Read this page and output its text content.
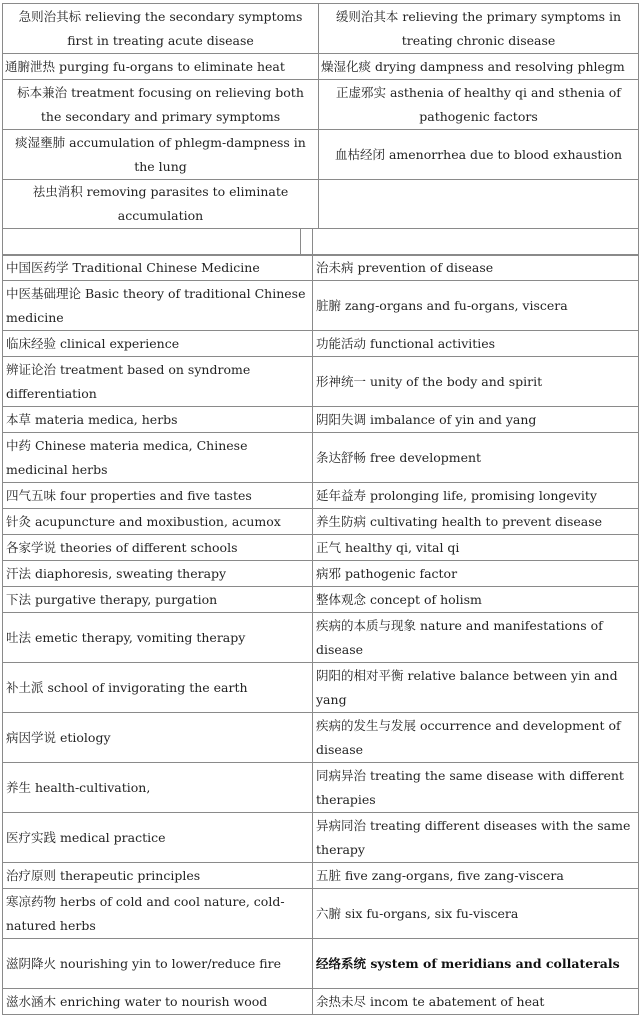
急则治其标 relieving the secondary symptoms first in treating acute disease	缓则治其本 relieving the primary symptoms in treating chronic disease
通腑泄热 purging fu-organs to eliminate heat	燥湿化痰 drying dampness and resolving phlegm
标本兼治 treatment focusing on relieving both the secondary and primary symptoms	正虚邪实 asthenia of healthy qi and sthenia of pathogenic factors
痰湿壅肺 accumulation of phlegm-dampness in the lung	血枯经闭 amenorrhea due to blood exhaustion
祛虫消积 removing parasites to eliminate accumulation	

中国医药学 Traditional Chinese Medicine	治未病 prevention of disease
中医基础理论 Basic theory of traditional Chinese medicine	脏腑 zang-organs and fu-organs, viscera
临床经验 clinical experience	功能活动 functional activities
辨证论治 treatment based on syndrome differentiation	形神统一 unity of the body and spirit
本草 materia medica, herbs	阴阳失调 imbalance of yin and yang
中药 Chinese materia medica, Chinese medicinal herbs	条达舒畅 free development
四气五味 four properties and five tastes	延年益寿 prolonging life, promising longevity
针灸 acupuncture and moxibustion, acumox	养生防病 cultivating health to prevent disease
各家学说 theories of different schools	正气 healthy qi, vital qi
汗法 diaphoresis, sweating therapy	病邪 pathogenic factor
下法 purgative therapy, purgation	整体观念 concept of holism
吐法 emetic therapy, vomiting therapy	疾病的本质与现象 nature and manifestations of disease
补土派 school of invigorating the earth	阴阳的相对平衡 relative balance between yin and yang
病因学说 etiology	疾病的发生与发展 occurrence and development of disease
养生 health-cultivation,	同病异治 treating the same disease with different therapies
医疗实践 medical practice	异病同治 treating different diseases with the same therapy
治疗原则 therapeutic principles	五脏 five zang-organs, five zang-viscera
寒凉药物 herbs of cold and cool nature, cold-natured herbs	六腑 six fu-organs, six fu-viscera
滋阴降火 nourishing yin to lower/reduce fire	经络系统 system of meridians and collaterals
滋水涵木 enriching water to nourish wood	余热未尽 incom te abatement of heat
